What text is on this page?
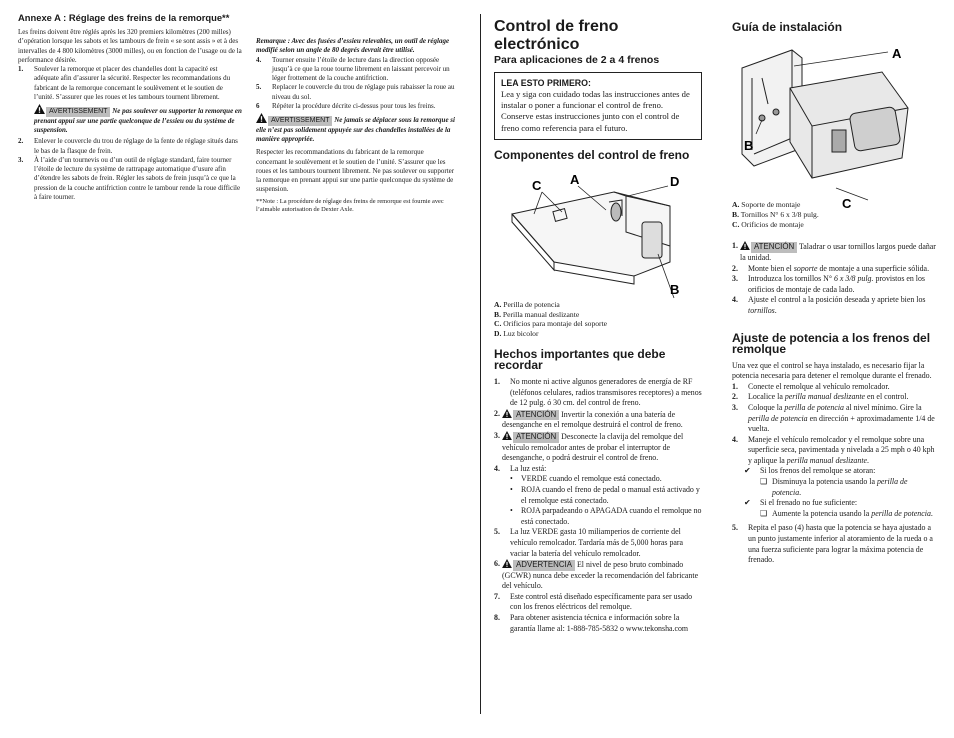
Annexe A : Réglage des freins de la remorque**

Les freins doivent être réglés après les 320 premiers kilomètres (200 milles) d’opération lorsque les sabots et les tambours de frein « se sont assis » et à des intervalles de 4 800 kilomètres (3000 milles), ou en fonction de l’usage ou de la performance désirée.

1.	Soulever la remorque et placer des chandelles dont la capacité est adéquate afin d’assurer la sécurité. Respecter les recommandations du fabricant de la remorque concernant le soulèvement et le soutien de l’unité. S’assurer que les roues et les tambours tournent librement.

AVERTISSEMENT Ne pas soulever ou supporter la remorque en prenant appui sur une partie quelconque de l’essieu ou du système de suspension.

2.	Enlever le couvercle du trou de réglage de la fente de réglage situés dans le bas de la flasque de frein.
3.	À l’aide d’un tournevis ou d’un outil de réglage standard, faire tourner l’étoile de lecture du système de rattrapage automatique d’usure afin d’étendre les sabots de frein. Régler les sabots de frein jusqu’à ce que la pression de la couche antifriction contre le tambour rende la roue difficile à faire tourner.

Remarque : Avec des fusées d’essieu relevables, un outil de réglage modifié selon un angle de 80 degrés devrait être utilisé.

4.	Tourner ensuite l’étoile de lecture dans la direction opposée jusqu’à ce que la roue tourne librement en laissant percevoir un léger frottement de la couche antifriction.
5.	Replacer le couvercle du trou de réglage puis rabaisser la roue au niveau du sol.
6	Répéter la procédure décrite ci-dessus pour tous les freins.

AVERTISSEMENT Ne jamais se déplacer sous la remorque si elle n’est pas solidement appuyée sur des chandelles installées de la manière appropriée.

Respecter les recommandations du fabricant de la remorque concernant le soulèvement et le soutien de l’unité. S’assurer que les roues et les tambours tournent librement. Ne pas soulever ou supporter la remorque en prenant appui sur une partie quelconque du système de suspension.

**Note : La procédure de réglage des freins de remorque est fournie avec l’aimable autorisation de Dexter Axle.

Control de freno electrónico
Para aplicaciones de 2 a 4 frenos
LEA ESTO PRIMERO:

Lea y siga con cuidado todas las instrucciones antes de instalar o poner a funcionar el control de freno. Conserve estas instrucciones junto con el control de freno como referencia para el futuro.

Componentes del control de freno
C A	D
B
A. Perilla de potencia
B. Perilla manual deslizante
C. Orificios para montaje del soporte
D. Luz bicolor
Hechos importantes que debe recordar
1.	No monte ni active algunos generadores de energía de RF (teléfonos celulares, radios transmisores receptores) a menos de 12 pulg. ó 30 cm. del control de freno.
2.	ATENCIÓN Invertir la conexión a una batería de desenganche en el remolque destruirá el control de freno.
3.	ATENCIÓN Desconecte la clavija del remolque del vehículo remolcador antes de probar el interruptor de desenganche, o podrá destruir el control de freno.
4.	La luz está:
•	VERDE cuando el remolque está conectado.
•	ROJA cuando el freno de pedal o manual está activado y el remolque está conectado.
•	ROJA parpadeando o APAGADA cuando el remolque no está conectado.
5.	La luz VERDE gasta 10 miliamperios de corriente del vehículo remolcador. Tardaría más de 5,000 horas para vaciar la batería del vehículo remolcador.
6.	ADVERTENCIA El nivel de peso bruto combinado (GCWR) nunca debe exceder la recomendación del fabricante del vehículo.
7.	Este control está diseñado específicamente para ser usado con los frenos eléctricos del remolque.
8.	Para obtener asistencia técnica e información sobre la garantía llame al: 1-888-785-5832 o www.tekonsha.com
Guía de instalación
A
B
C
A. Soporte de montaje
B. Tornillos N° 6 x 3/8 pulg.
C. Orificios de montaje
1.	ATENCIÓN Taladrar o usar tornillos largos puede dañar la unidad.
2.	Monte bien el soporte de montaje a una superficie sólida.
3.	Introduzca los tornillos N° 6 x 3/8 pulg. provistos en los orificios de montaje de cada lado.
4.	Ajuste el control a la posición deseada y apriete bien los tornillos.
Ajuste de potencia a los frenos del remolque

Una vez que el control se haya instalado, es necesario fijar la potencia necesaria para detener el remolque durante el frenado.

1.	Conecte el remolque al vehículo remolcador.
2.	Localice la perilla manual deslizante en el control.
3.	Coloque la perilla de potencia al nivel mínimo. Gire la perilla de potencia en dirección + aproximadamente 1/4 de vuelta.
4.	Maneje el vehículo remolcador y el remolque sobre una superficie seca, pavimentada y nivelada a 25 mph o 40 kph y aplique la perilla manual deslizante.
✔	Si los frenos del remolque se atoran:
❑ Disminuya la potencia usando la perilla de potencia.
✔	Si el frenado no fue suficiente:
❑ Aumente la potencia usando la perilla de potencia.
5.	Repita el paso (4) hasta que la potencia se haya ajustado a un punto justamente inferior al atoramiento de la rueda o a una fuerza suficiente para lograr la máxima potencia de frenado.
